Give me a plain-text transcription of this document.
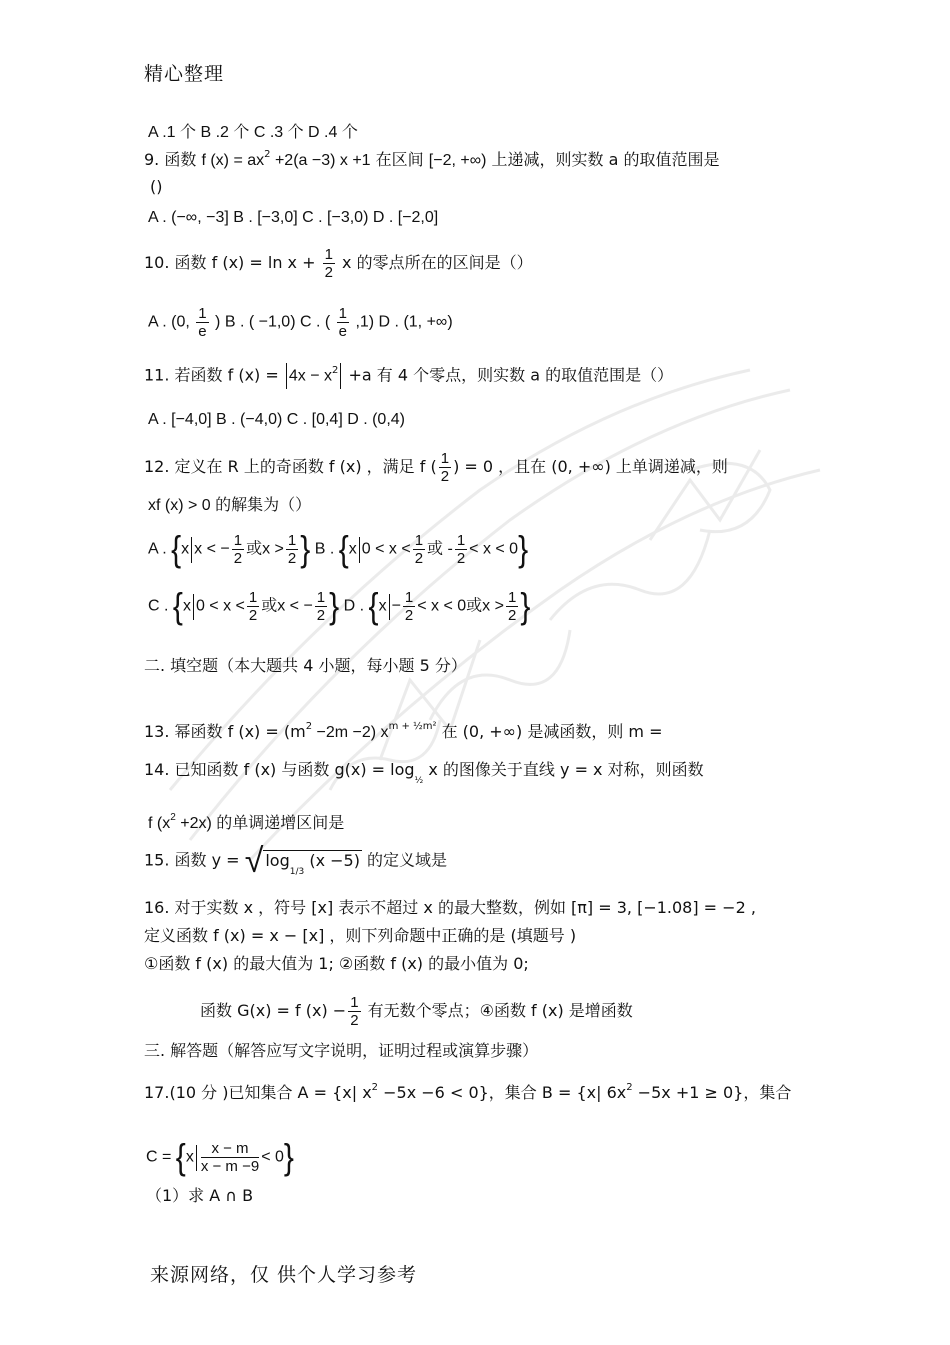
精心整理
A .1 个 B .2 个 C .3 个 D .4 个
9. 函数 f $(x) = ax^2 +2(a -3)$ x +1 在区间 [−2, +∞) 上递减，则实数 a 的取值范围是
()
A . (−∞, −3] B . [−3,0] C . [−3,0) D . [−2,0]
10. 函数 f $(x) = \ln x + \frac{1}{2}$ x 的零点所在的区间是（）
A . (0, $\frac{1}{e}$ ) B . ( −1,0) C . ( $\frac{1}{e} ,1$) D . (1, +∞)
11. 若函数 f $(x) = 4x - x^2 +a$ 有 4 个零点，则实数 a 的取值范围是（）
A . [−4,0] B . (−4,0) C . [0,4] D . (0,4)
12. 定义在 R 上的奇函数 f (x) ，满足 f ( $\frac{1}{2}$ ) = 0 ，且在 (0, +∞) 上单调递减，则
xf (x) > 0 的解集为（）
A . {x x < − $\frac{1}{2}$ 或$x > \frac{1}{2}$ } B . {x $0 < x < \frac{1}{2}$ 或 - $\frac{1}{2} < x < 0$}
C . {x $0 < x < \frac{1}{2}$ 或x < − $\frac{1}{2}$ } D . {$x - \frac{1}{2} < x < 0$或$x > \frac{1}{2}$ }
二. 填空题（本大题共 4 小题，每小题 5 分）
13. 幂函数 f $(x) = (m^2 -2m -2)$ $x^{m + \frac{1}{2}m^2}$ 在 (0, +∞) 是减函数，则 m =
14. 已知函数 f (x) 与函数 $g(x) = \log_{\frac{1}{2}} x$ 的图像关于直线 y = x 对称，则函数
f $(x^2 +2x)$ 的单调递增区间是
15. 函数 y = √ $\log_{1/3} (x -5)$ 的定义域是
16. 对于实数 x ，符号 [x] 表示不超过 x 的最大整数，例如 [π] = 3, [−1.08] = −2 ,
定义函数 f (x) = x − [x] ，则下列命题中正确的是 (填题号 )
①函数 f (x) 的最大值为 1; ②函数 f (x) 的最小值为 0;
函数 G(x) = f $(x) - \frac{1}{2}$ 有无数个零点；④函数 f (x) 是增函数
三. 解答题（解答应写文字说明，证明过程或演算步骤）
17.(10 分 )已知集合 A = {x| $x^2 -5x -6 < 0$}，集合 B = {x| $6x^2 -5x +1 \ge 0$}，集合
$C = \{x \frac{x - m}{x - m -9} < 0\}$
（1）求 A ∩ B
来源网络，仅 供个人学习参考
